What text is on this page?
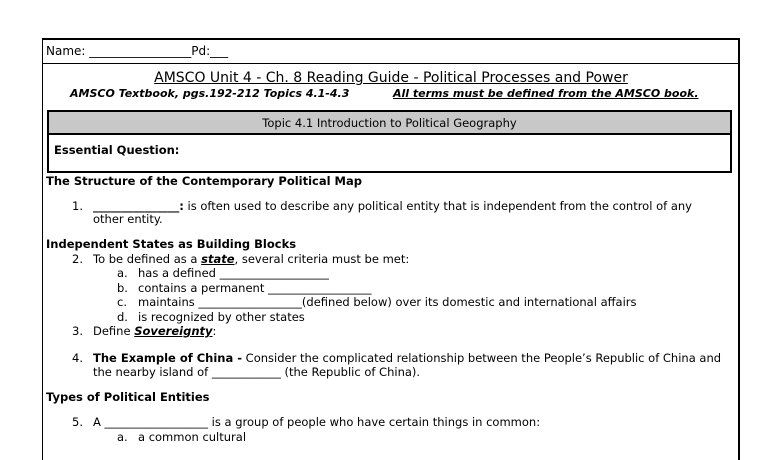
Name: _________________Pd:___
AMSCO Unit 4 - Ch. 8 Reading Guide - Political Processes and Power
AMSCO Textbook, pgs.192-212 Topics 4.1-4.3	All terms must be defined from the AMSCO book.
Topic 4.1 Introduction to Political Geography
Essential Question:
The Structure of the Contemporary Political Map
1. _______________: is often used to describe any political entity that is independent from the control of any
other entity.
Independent States as Building Blocks
2. To be defined as a state, several criteria must be met:
a. has a defined ___________________
b. contains a permanent __________________
c. maintains __________________(defined below) over its domestic and international affairs
d. is recognized by other states
3. Define Sovereignty:
4. The Example of China - Consider the complicated relationship between the People’s Republic of China and
the nearby island of ____________ (the Republic of China).
Types of Political Entities
5. A __________________ is a group of people who have certain things in common:
a. a common cultural
